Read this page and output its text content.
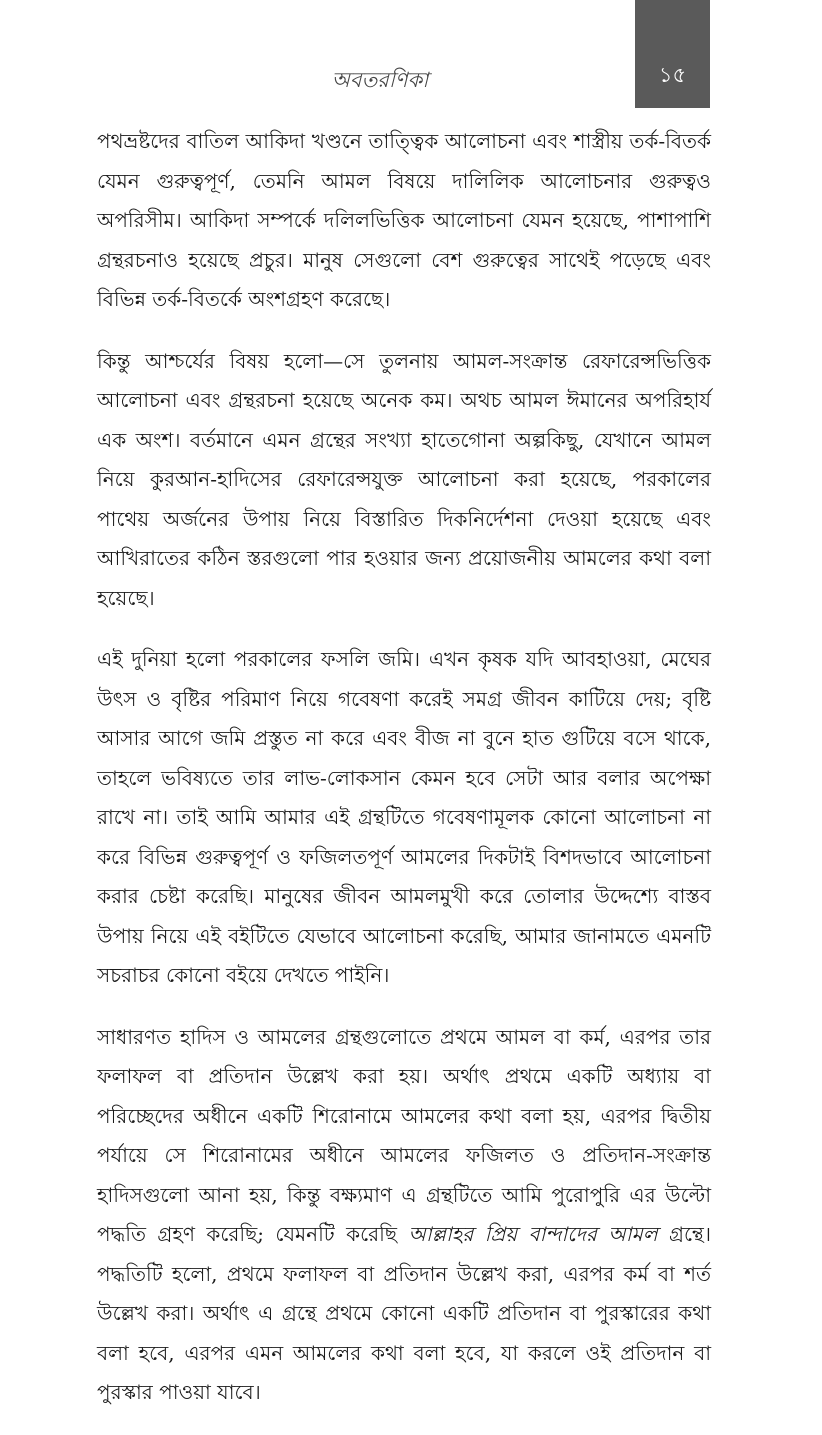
অবতরণিকা	১৫

পথভ্রষ্টদের বাতিল আকিদা খণ্ডনে তাত্ত্বিক আলোচনা এবং শাস্ত্রীয় তর্ক-বিতর্ক যেমন গুরুত্বপূর্ণ, তেমনি আমল বিষয়ে দালিলিক আলোচনার গুরুত্বও অপরিসীম। আকিদা সম্পর্কে দলিলভিত্তিক আলোচনা যেমন হয়েছে, পাশাপাশি গ্রন্থরচনাও হয়েছে প্রচুর। মানুষ সেগুলো বেশ গুরুত্বের সাথেই পড়েছে এবং বিভিন্ন তর্ক-বিতর্কে অংশগ্রহণ করেছে।

কিন্তু আশ্চর্যের বিষয় হলো—সে তুলনায় আমল-সংক্রান্ত রেফারেন্সভিত্তিক আলোচনা এবং গ্রন্থরচনা হয়েছে অনেক কম। অথচ আমল ঈমানের অপরিহার্য এক অংশ। বর্তমানে এমন গ্রন্থের সংখ্যা হাতেগোনা অল্পকিছু, যেখানে আমল নিয়ে কুরআন-হাদিসের রেফারেন্সযুক্ত আলোচনা করা হয়েছে, পরকালের পাথেয় অর্জনের উপায় নিয়ে বিস্তারিত দিকনির্দেশনা দেওয়া হয়েছে এবং আখিরাতের কঠিন স্তরগুলো পার হওয়ার জন্য প্রয়োজনীয় আমলের কথা বলা হয়েছে।

এই দুনিয়া হলো পরকালের ফসলি জমি। এখন কৃষক যদি আবহাওয়া, মেঘের উৎস ও বৃষ্টির পরিমাণ নিয়ে গবেষণা করেই সমগ্র জীবন কাটিয়ে দেয়; বৃষ্টি আসার আগে জমি প্রস্তুত না করে এবং বীজ না বুনে হাত গুটিয়ে বসে থাকে, তাহলে ভবিষ্যতে তার লাভ-লোকসান কেমন হবে সেটা আর বলার অপেক্ষা রাখে না। তাই আমি আমার এই গ্রন্থটিতে গবেষণামূলক কোনো আলোচনা না করে বিভিন্ন গুরুত্বপূর্ণ ও ফজিলতপূর্ণ আমলের দিকটাই বিশদভাবে আলোচনা করার চেষ্টা করেছি। মানুষের জীবন আমলমুখী করে তোলার উদ্দেশ্যে বাস্তব উপায় নিয়ে এই বইটিতে যেভাবে আলোচনা করেছি, আমার জানামতে এমনটি সচরাচর কোনো বইয়ে দেখতে পাইনি।

সাধারণত হাদিস ও আমলের গ্রন্থগুলোতে প্রথমে আমল বা কর্ম, এরপর তার ফলাফল বা প্রতিদান উল্লেখ করা হয়। অর্থাৎ প্রথমে একটি অধ্যায় বা পরিচ্ছেদের অধীনে একটি শিরোনামে আমলের কথা বলা হয়, এরপর দ্বিতীয় পর্যায়ে সে শিরোনামের অধীনে আমলের ফজিলত ও প্রতিদান-সংক্রান্ত হাদিসগুলো আনা হয়, কিন্তু বক্ষ্যমাণ এ গ্রন্থটিতে আমি পুরোপুরি এর উল্টো পদ্ধতি গ্রহণ করেছি; যেমনটি করেছি আল্লাহর প্রিয় বান্দাদের আমল গ্রন্থে। পদ্ধতিটি হলো, প্রথমে ফলাফল বা প্রতিদান উল্লেখ করা, এরপর কর্ম বা শর্ত উল্লেখ করা। অর্থাৎ এ গ্রন্থে প্রথমে কোনো একটি প্রতিদান বা পুরস্কারের কথা বলা হবে, এরপর এমন আমলের কথা বলা হবে, যা করলে ওই প্রতিদান বা পুরস্কার পাওয়া যাবে।
